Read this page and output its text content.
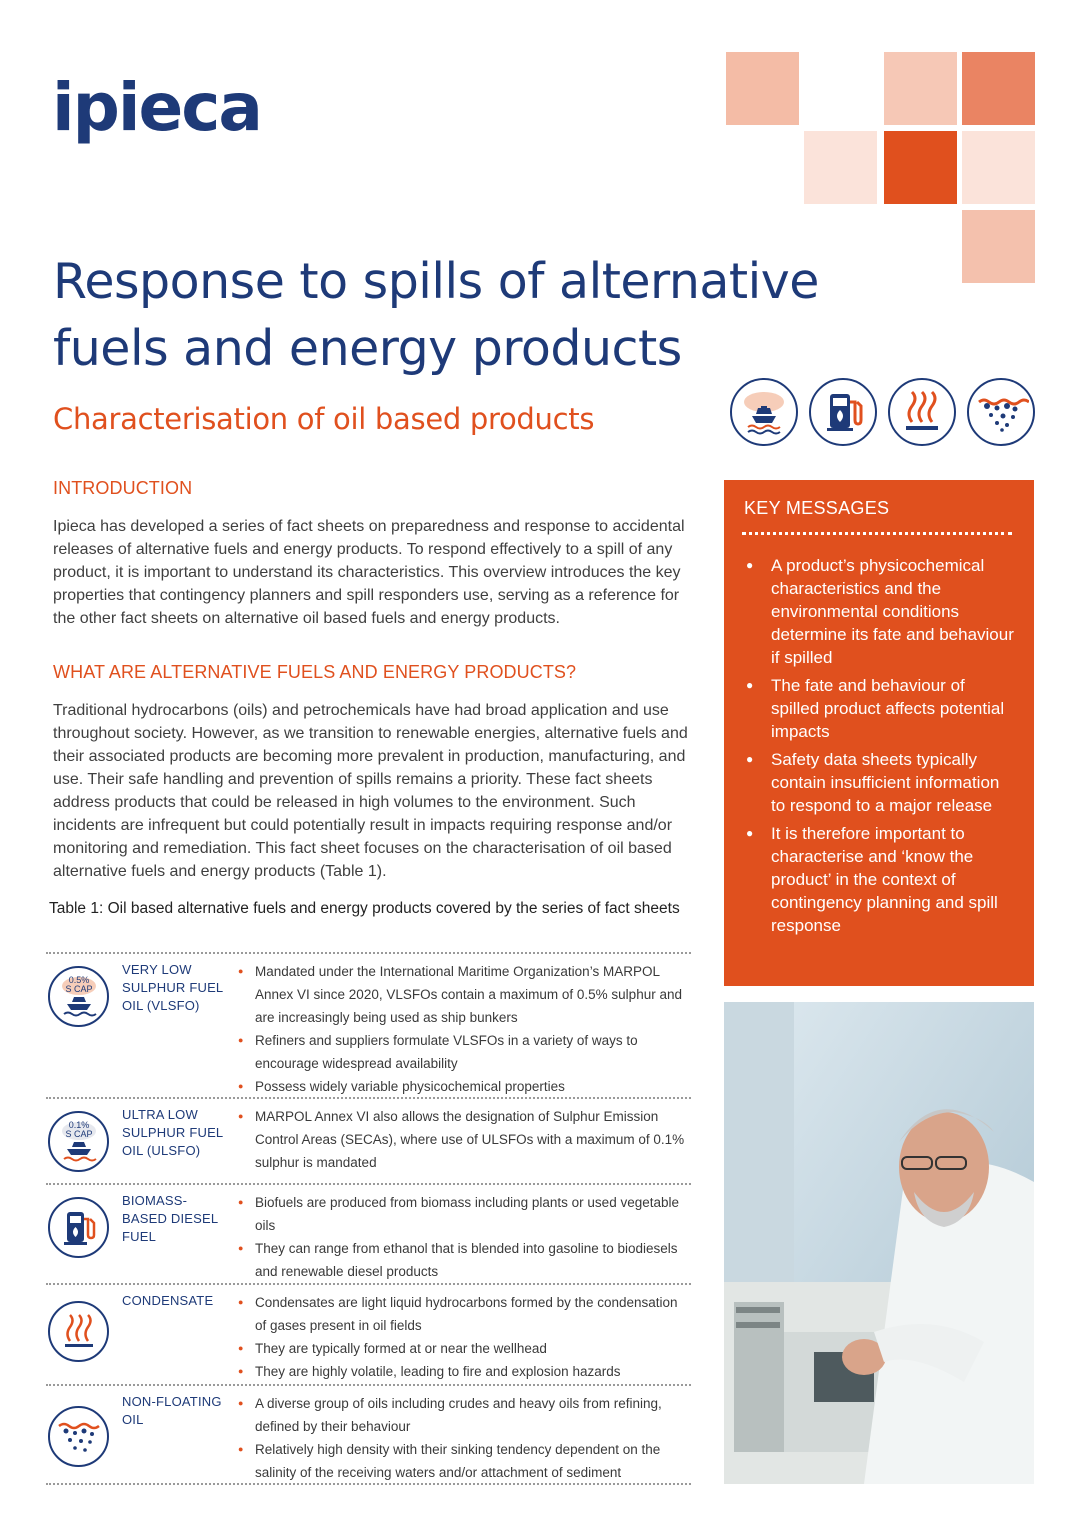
ipieca
Response to spills of alternative
fuels and energy products
Characterisation of oil based products
INTRODUCTION

Ipieca has developed a series of fact sheets on preparedness and response to accidental releases of alternative fuels and energy products. To respond effectively to a spill of any product, it is important to understand its characteristics. This overview introduces the key properties that contingency planners and spill responders use, serving as a reference for the other fact sheets on alternative oil based fuels and energy products.

WHAT ARE ALTERNATIVE FUELS AND ENERGY PRODUCTS?

Traditional hydrocarbons (oils) and petrochemicals have had broad application and use throughout society. However, as we transition to renewable energies, alternative fuels and their associated products are becoming more prevalent in production, manufacturing, and use. Their safe handling and prevention of spills remains a priority. These fact sheets address products that could be released in high volumes to the environment. Such incidents are infrequent but could potentially result in impacts requiring response and/or monitoring and remediation. This fact sheet focuses on the characterisation of oil based alternative fuels and energy products (Table 1).

KEY MESSAGES
● A product’s physicochemical characteristics and the environmental conditions determine its fate and behaviour if spilled
● The fate and behaviour of spilled product affects potential impacts
● Safety data sheets typically contain insufficient information to respond to a major release
● It is therefore important to characterise and ‘know the product’ in the context of contingency planning and spill response

Table 1: Oil based alternative fuels and energy products covered by the series of fact sheets

0.5%
S CAP
VERY LOW
SULPHUR FUEL
OIL (VLSFO)
● Mandated under the International Maritime Organization’s MARPOL Annex VI since 2020, VLSFOs contain a maximum of 0.5% sulphur and are increasingly being used as ship bunkers
● Refiners and suppliers formulate VLSFOs in a variety of ways to encourage widespread availability
● Possess widely variable physicochemical properties
0.1%
S CAP
ULTRA LOW
SULPHUR FUEL
OIL (ULSFO)
● MARPOL Annex VI also allows the designation of Sulphur Emission Control Areas (SECAs), where use of ULSFOs with a maximum of 0.1% sulphur is mandated
BIOMASS-
BASED DIESEL
FUEL
● Biofuels are produced from biomass including plants or used vegetable oils
● They can range from ethanol that is blended into gasoline to biodiesels and renewable diesel products
CONDENSATE
●	Condensates are light liquid hydrocarbons formed by the condensation of gases present in oil fields
● They are typically formed at or near the wellhead
● They are highly volatile, leading to fire and explosion hazards
NON-FLOATING
OIL
● A diverse group of oils including crudes and heavy oils from refining, defined by their behaviour
● Relatively high density with their sinking tendency dependent on the salinity of the receiving waters and/or attachment of sediment
